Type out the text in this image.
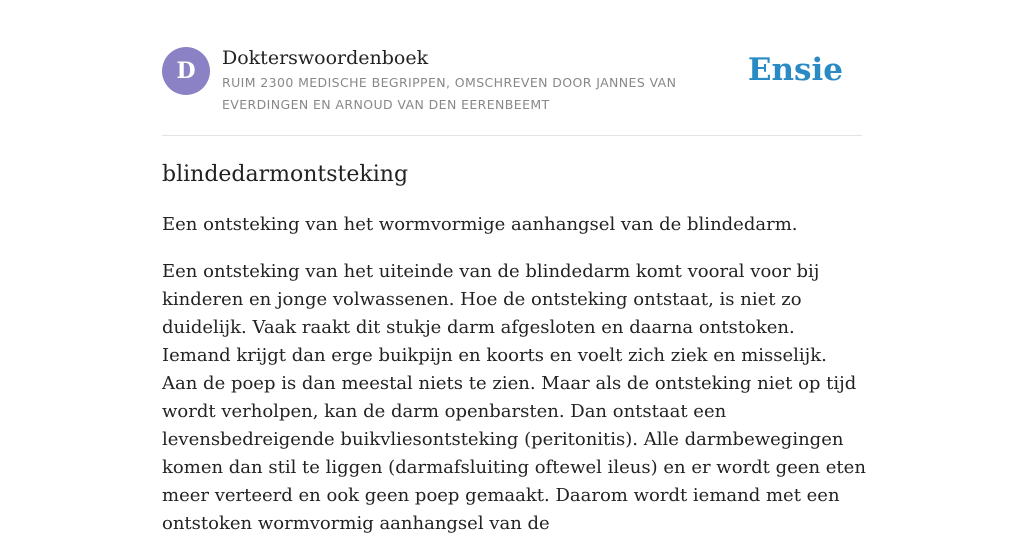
D	Dokterswoordenboek
RUIM 2300 MEDISCHE BEGRIPPEN, OMSCHREVEN DOOR JANNES VAN EVERDINGEN EN ARNOUD VAN DEN EERENBEEMT
Ensie
blindedarmontsteking

Een ontsteking van het wormvormige aanhangsel van de blindedarm.

Een ontsteking van het uiteinde van de blindedarm komt vooral voor bij kinderen en jonge volwassenen. Hoe de ontsteking ontstaat, is niet zo duidelijk. Vaak raakt dit stukje darm afgesloten en daarna ontstoken. Iemand krijgt dan erge buikpijn en koorts en voelt zich ziek en misselijk. Aan de poep is dan meestal niets te zien. Maar als de ontsteking niet op tijd wordt verholpen, kan de darm openbarsten. Dan ontstaat een levensbedreigende buikvliesontsteking (peritonitis). Alle darmbewegingen komen dan stil te liggen (darmafsluiting oftewel ileus) en er wordt geen eten meer verteerd en ook geen poep gemaakt. Daarom wordt iemand met een ontstoken wormvormig aanhangsel van de
